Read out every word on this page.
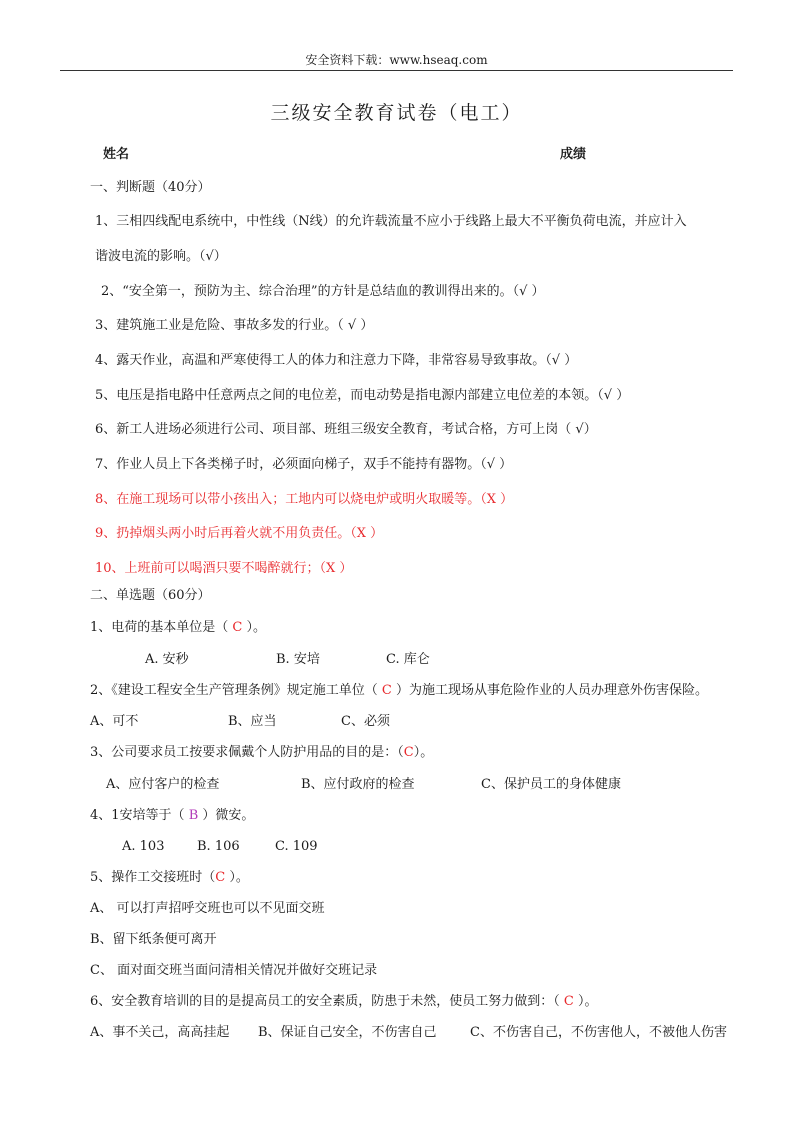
安全资料下载：www.hseaq.com
三级安全教育试卷（电工）
姓名	成绩
一、判断题（40分）
1、三相四线配电系统中，中性线（N线）的允许载流量不应小于线路上最大不平衡负荷电流，并应计入
谐波电流的影响。（√）
2、“安全第一，预防为主、综合治理”的方针是总结血的教训得出来的。（√ ）
3、建筑施工业是危险、事故多发的行业。（ √ ）
4、露天作业，高温和严寒使得工人的体力和注意力下降，非常容易导致事故。（√ ）
5、电压是指电路中任意两点之间的电位差，而电动势是指电源内部建立电位差的本领。（√ ）
6、新工人进场必须进行公司、项目部、班组三级安全教育，考试合格，方可上岗（ √）
7、作业人员上下各类梯子时，必须面向梯子，双手不能持有器物。（√ ）
8、在施工现场可以带小孩出入；工地内可以烧电炉或明火取暖等。（X ）
9、扔掉烟头两小时后再着火就不用负责任。（X ）
10、上班前可以喝酒只要不喝醉就行；（X ）
二、单选题（60分）
1、电荷的基本单位是（ C ）。
A. 安秒	B. 安培	C. 库仑
2、《建设工程安全生产管理条例》规定施工单位（ C ）为施工现场从事危险作业的人员办理意外伤害保险。
A、可不	B、应当	C、必须
3、公司要求员工按要求佩戴个人防护用品的目的是：（C）。
A、应付客户的检查	B、应付政府的检查	C、保护员工的身体健康
4、1安培等于（ B ）微安。
A. 103	B. 106	C. 109
5、操作工交接班时（C ）。
A、 可以打声招呼交班也可以不见面交班
B、留下纸条便可离开
C、 面对面交班当面问清相关情况并做好交班记录
6、安全教育培训的目的是提高员工的安全素质，防患于未然，使员工努力做到：（ C ）。
A、事不关己，高高挂起 B、保证自己安全，不伤害自己	C、不伤害自己，不伤害他人，不被他人伤害
